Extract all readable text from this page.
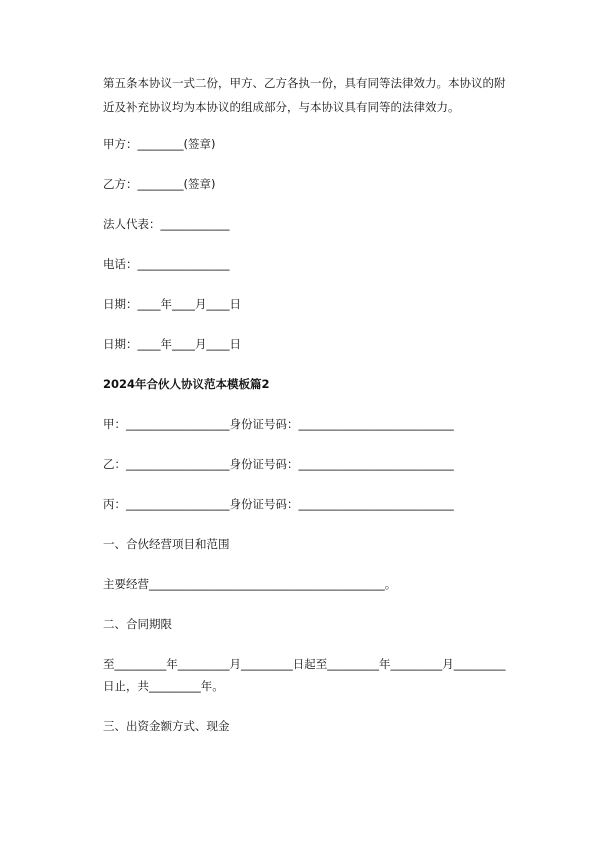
第五条本协议一式二份，甲方、乙方各执一份，具有同等法律效力。本协议的附
近及补充协议均为本协议的组成部分，与本协议具有同等的法律效力。
甲方：________(签章)
乙方：________(签章)
法人代表：____________
电话：________________
日期：____年____月____日
日期：____年____月____日
2024年合伙人协议范本模板篇2
甲：__________________身份证号码：___________________________
乙：__________________身份证号码：___________________________
丙：__________________身份证号码：___________________________
一、合伙经营项目和范围
主要经营_________________________________________。
二、合同期限
至_________年_________月_________日起至_________年_________月_________
日止，共_________年。
三、出资金额方式、现金
